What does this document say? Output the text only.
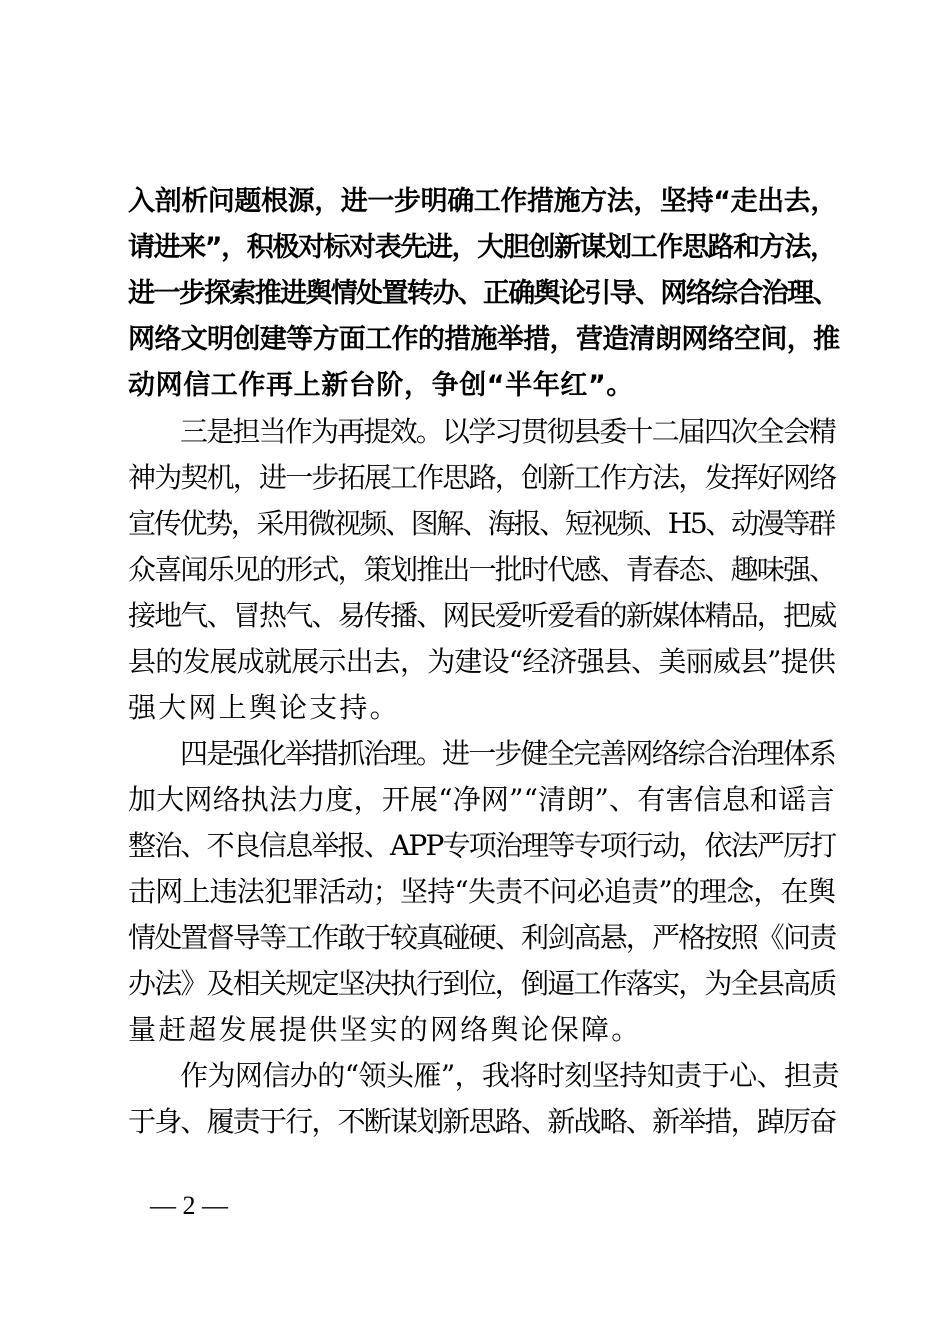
入剖析问题根源，进一步明确工作措施方法，坚持“走出去，
请进来”，积极对标对表先进，大胆创新谋划工作思路和方法，
进一步探索推进舆情处置转办、正确舆论引导、网络综合治理、
网络文明创建等方面工作的措施举措，营造清朗网络空间，推
动网信工作再上新台阶，争创“半年红”。
三是担当作为再提效。以学习贯彻县委十二届四次全会精
神为契机，进一步拓展工作思路，创新工作方法，发挥好网络
宣传优势，采用微视频、图解、海报、短视频、H5、动漫等群
众喜闻乐见的形式，策划推出一批时代感、青春态、趣味强、
接地气、冒热气、易传播、网民爱听爱看的新媒体精品，把威
县的发展成就展示出去，为建设“经济强县、美丽威县”提供
强大网上舆论支持。
四是强化举措抓治理。进一步健全完善网络综合治理体系
加大网络执法力度，开展“净网”“清朗”、有害信息和谣言
整治、不良信息举报、APP专项治理等专项行动，依法严厉打
击网上违法犯罪活动；坚持“失责不问必追责”的理念，在舆
情处置督导等工作敢于较真碰硬、利剑高悬，严格按照《问责
办法》及相关规定坚决执行到位，倒逼工作落实，为全县高质
量赶超发展提供坚实的网络舆论保障。
作为网信办的“领头雁”，我将时刻坚持知责于心、担责
于身、履责于行，不断谋划新思路、新战略、新举措，踔厉奋
— 2 —
